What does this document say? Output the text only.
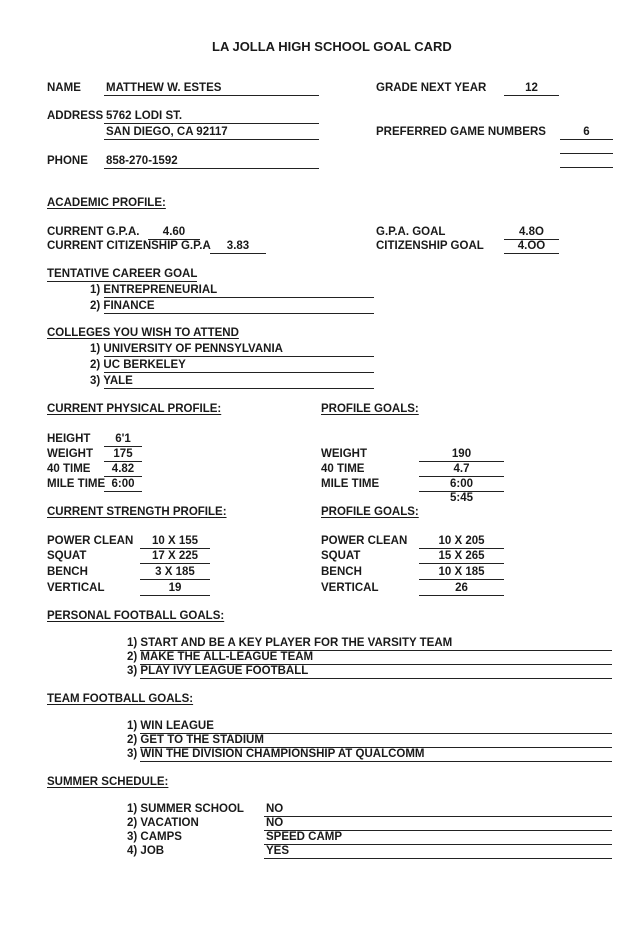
LA JOLLA HIGH SCHOOL GOAL CARD
NAME MATTHEW W. ESTES	GRADE NEXT YEAR	12
ADDRESS 5762 LODI ST.
SAN DIEGO, CA 92117	PREFERRED GAME NUMBERS	6
PHONE 858-270-1592
ACADEMIC PROFILE:
CURRENT G.P.A.	4.60
CURRENT CITIZENSHIP G.P.A	3.83
G.P.A. GOAL	4.8O
CITIZENSHIP GOAL	4.OO
TENTATIVE CAREER GOAL
1) ENTREPRENEURIAL
2) FINANCE
COLLEGES YOU WISH TO ATTEND
1) UNIVERSITY OF PENNSYLVANIA
2) UC BERKELEY
3) YALE
CURRENT PHYSICAL PROFILE:	PROFILE GOALS:
HEIGHT	6'1
WEIGHT	175
40 TIME	4.82
MILE TIME 6:00
WEIGHT	190
40 TIME	4.7
MILE TIME	6:00
5:45
CURRENT STRENGTH PROFILE:	PROFILE GOALS:
POWER CLEAN	10 X 155
SQUAT	17 X 225
BENCH	3 X 185
VERTICAL	19
POWER CLEAN	10 X 205
SQUAT	15 X 265
BENCH	10 X 185
VERTICAL	26
PERSONAL FOOTBALL GOALS:
1) START AND BE A KEY PLAYER FOR THE VARSITY TEAM
2) MAKE THE ALL-LEAGUE TEAM
3) PLAY IVY LEAGUE FOOTBALL
TEAM FOOTBALL GOALS:
1) WIN LEAGUE
2) GET TO THE STADIUM
3) WIN THE DIVISION CHAMPIONSHIP AT QUALCOMM
SUMMER SCHEDULE:
1) SUMMER SCHOOL NO
2) VACATION	NO
3) CAMPS	SPEED CAMP
4) JOB	YES
